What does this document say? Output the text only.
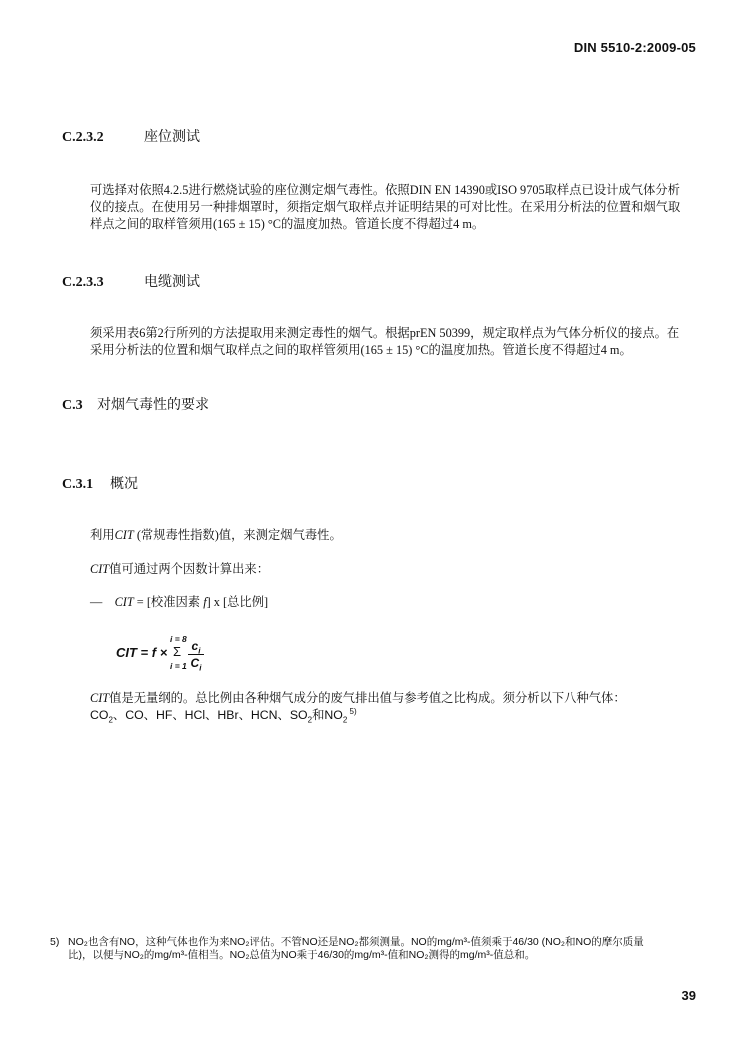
DIN 5510-2:2009-05
C.2.3.2	座位测试
可选择对依照4.2.5进行燃烧试验的座位测定烟气毒性。依照DIN EN 14390或ISO 9705取样点已设计成气体分析
仪的接点。在使用另一种排烟罩时，须指定烟气取样点并证明结果的可对比性。在采用分析法的位置和烟气取
样点之间的取样管须用(165 ± 15) °C的温度加热。管道长度不得超过4 m。
C.2.3.3	电缆测试
须采用表6第2行所列的方法提取用来测定毒性的烟气。根据prEN 50399，规定取样点为气体分析仪的接点。在
采用分析法的位置和烟气取样点之间的取样管须用(165 ± 15) °C的温度加热。管道长度不得超过4 m。
C.3 对烟气毒性的要求
C.3.1 概况
利用CIT (常规毒性指数)值，来测定烟气毒性。
CIT值可通过两个因数计算出来：
— CIT = [校准因素 f] x [总比例]
CIT = f ×
i = 8
Σ
i = 1
$c_i$
$C_i$
CIT值是无量纲的。总比例由各种烟气成分的废气排出值与参考值之比构成。须分析以下八种气体：
$CO_2$、CO、HF、HCl、HBr、HCN、$SO_2$和$NO_2$ $^{5)}$
5) NO₂也含有NO，这种气体也作为来NO₂评估。不管NO还是NO₂都须测量。NO的mg/m³-值须乘于46/30 (NO₂和NO的摩尔质量
比)，以便与NO₂的mg/m³-值相当。NO₂总值为NO乘于46/30的mg/m³-值和NO₂测得的mg/m³-值总和。
39
